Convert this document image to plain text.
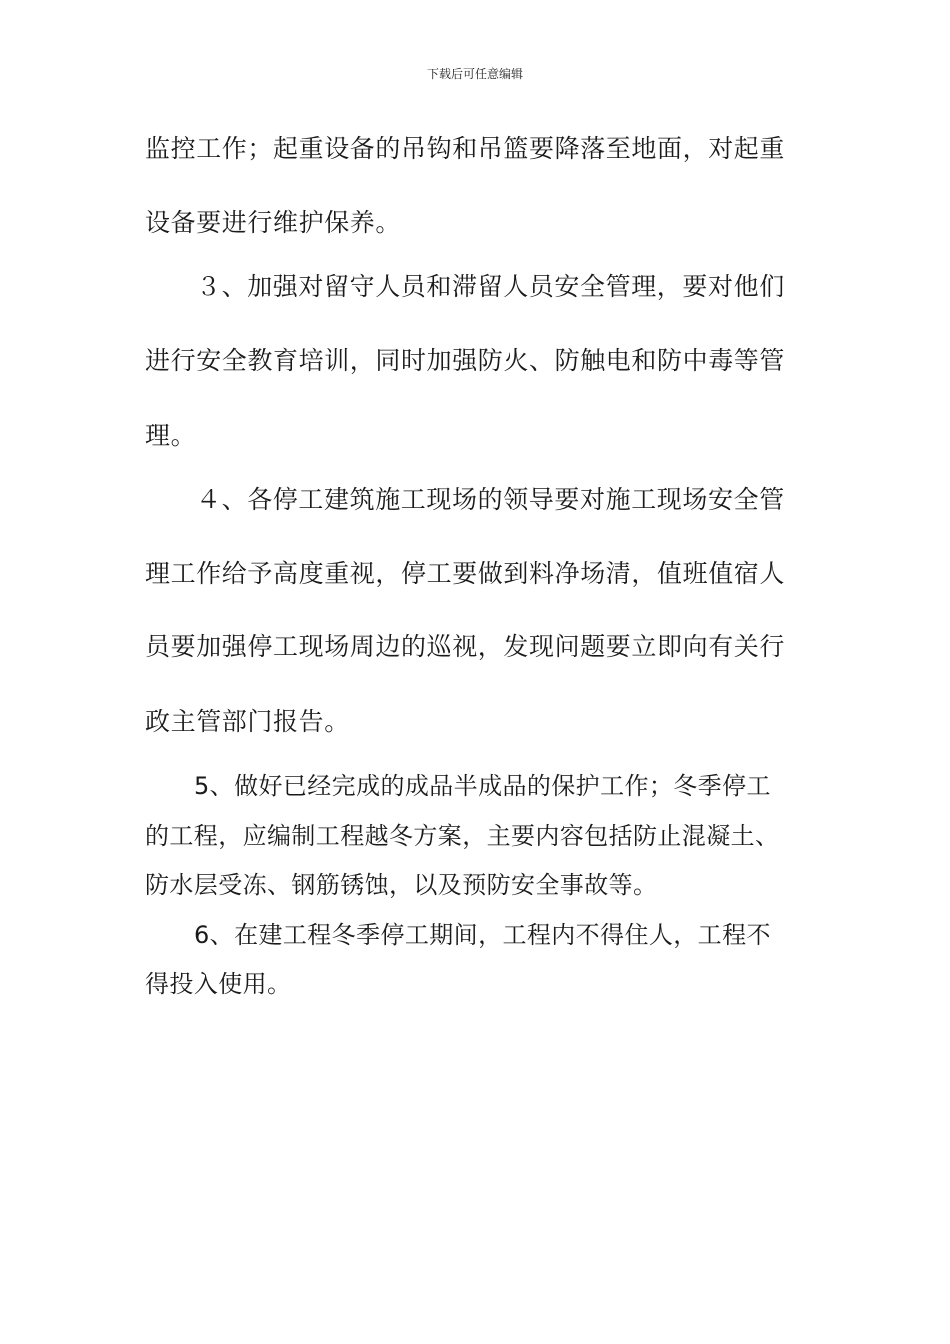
下载后可任意编辑
监控工作；起重设备的吊钩和吊篮要降落至地面，对起重
设备要进行维护保养。
３、加强对留守人员和滞留人员安全管理，要对他们
进行安全教育培训，同时加强防火、防触电和防中毒等管
理。
４、各停工建筑施工现场的领导要对施工现场安全管
理工作给予高度重视，停工要做到料净场清，值班值宿人
员要加强停工现场周边的巡视，发现问题要立即向有关行
政主管部门报告。
5、做好已经完成的成品半成品的保护工作；冬季停工
的工程，应编制工程越冬方案，主要内容包括防止混凝土、
防水层受冻、钢筋锈蚀，以及预防安全事故等。
6、在建工程冬季停工期间，工程内不得住人，工程不
得投入使用。
